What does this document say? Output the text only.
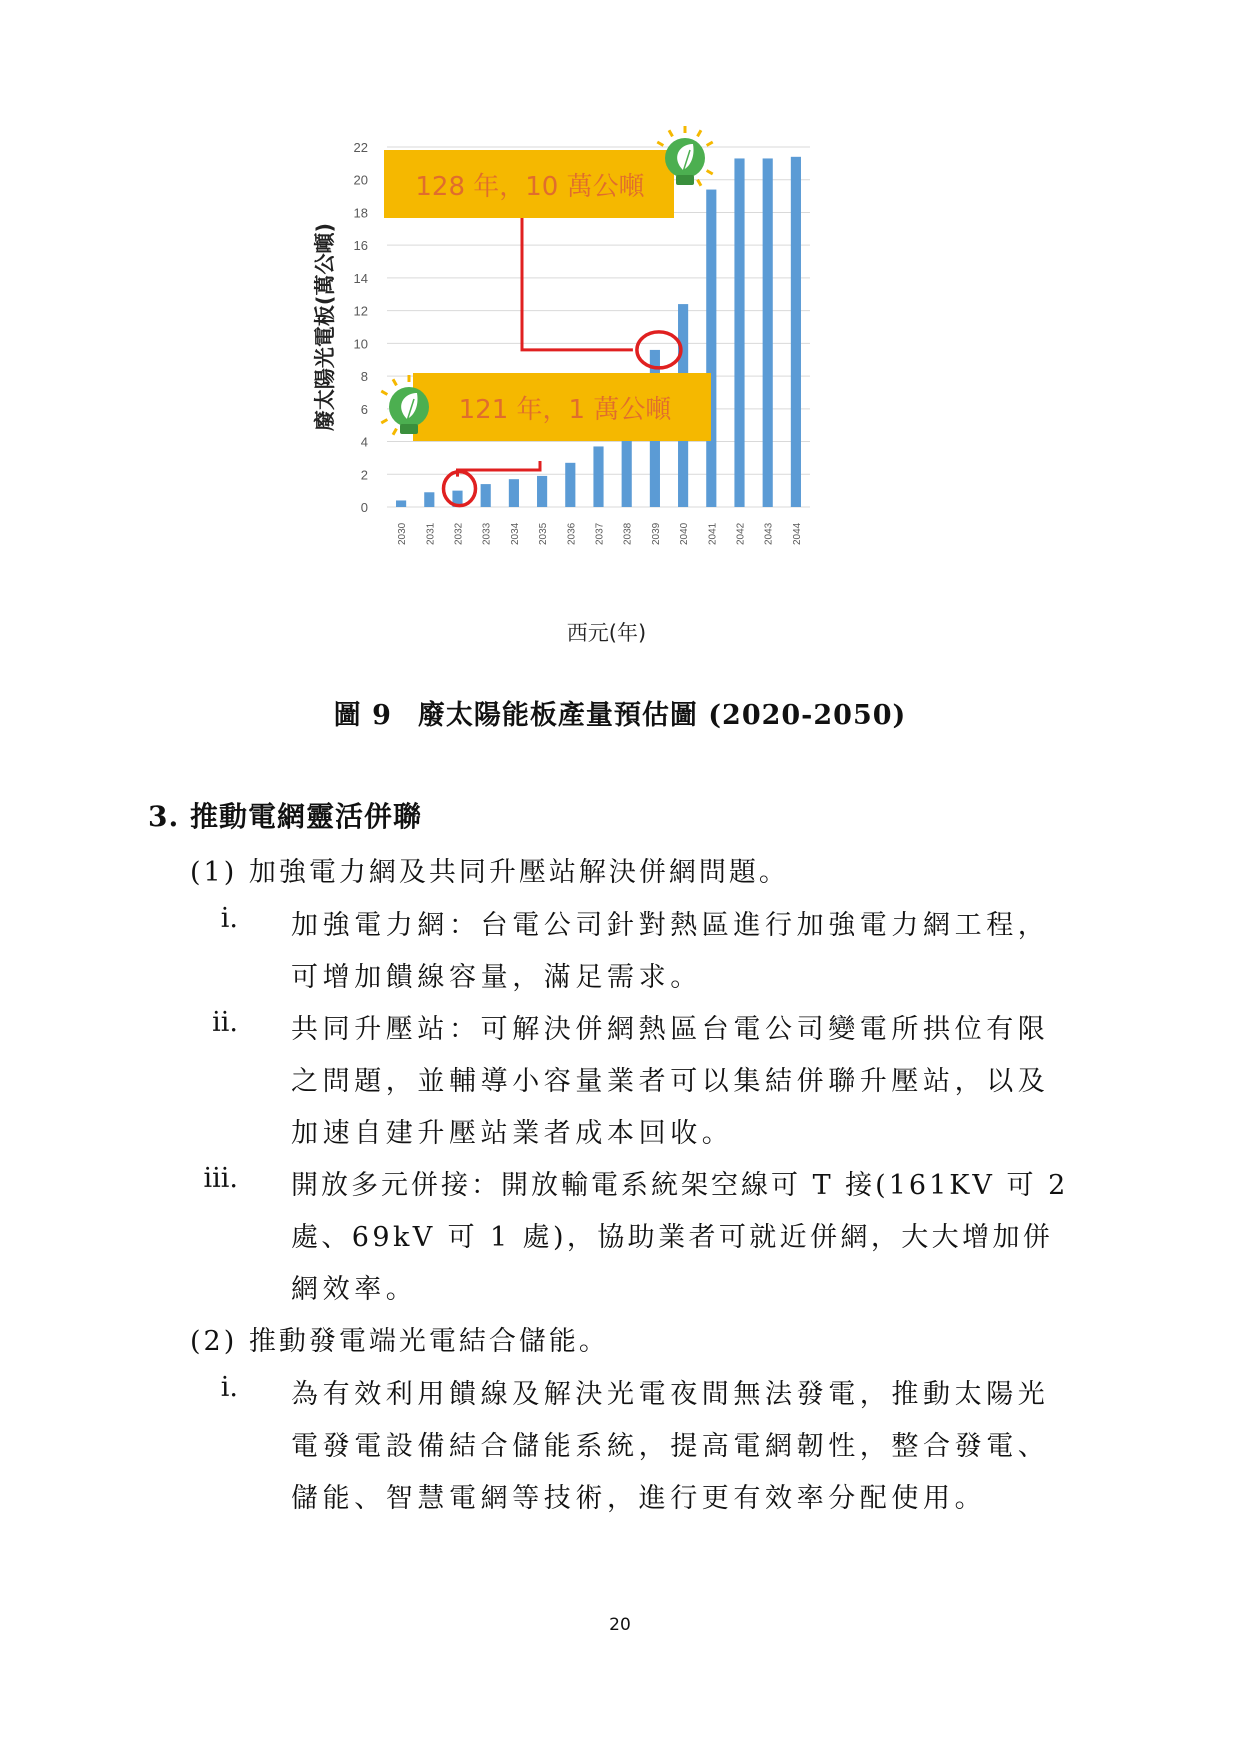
0
2
4
6
8
10
12
14
16
18
20
22
2030 2031 2032 2033 2034 2035 2036 2037 2038 2039 2040 2041 2042 2043 2044
廢太陽光電板(萬公噸)
西元(年)
128 年，10 萬公噸
121 年，1 萬公噸
圖 9 廢太陽能板產量預估圖 (2020-2050)
3. 推動電網靈活併聯
(1) 加強電力網及共同升壓站解決併網問題。
i. 加強電力網：台電公司針對熱區進行加強電力網工程，
可增加饋線容量，滿足需求。
ii. 共同升壓站：可解決併網熱區台電公司變電所拱位有限
之問題，並輔導小容量業者可以集結併聯升壓站，以及
加速自建升壓站業者成本回收。
iii. 開放多元併接：開放輸電系統架空線可 T 接(161KV 可 2
處、69kV 可 1 處)，協助業者可就近併網，大大增加併
網效率。
(2) 推動發電端光電結合儲能。
i. 為有效利用饋線及解決光電夜間無法發電，推動太陽光
電發電設備結合儲能系統，提高電網韌性，整合發電、
儲能、智慧電網等技術，進行更有效率分配使用。
20
